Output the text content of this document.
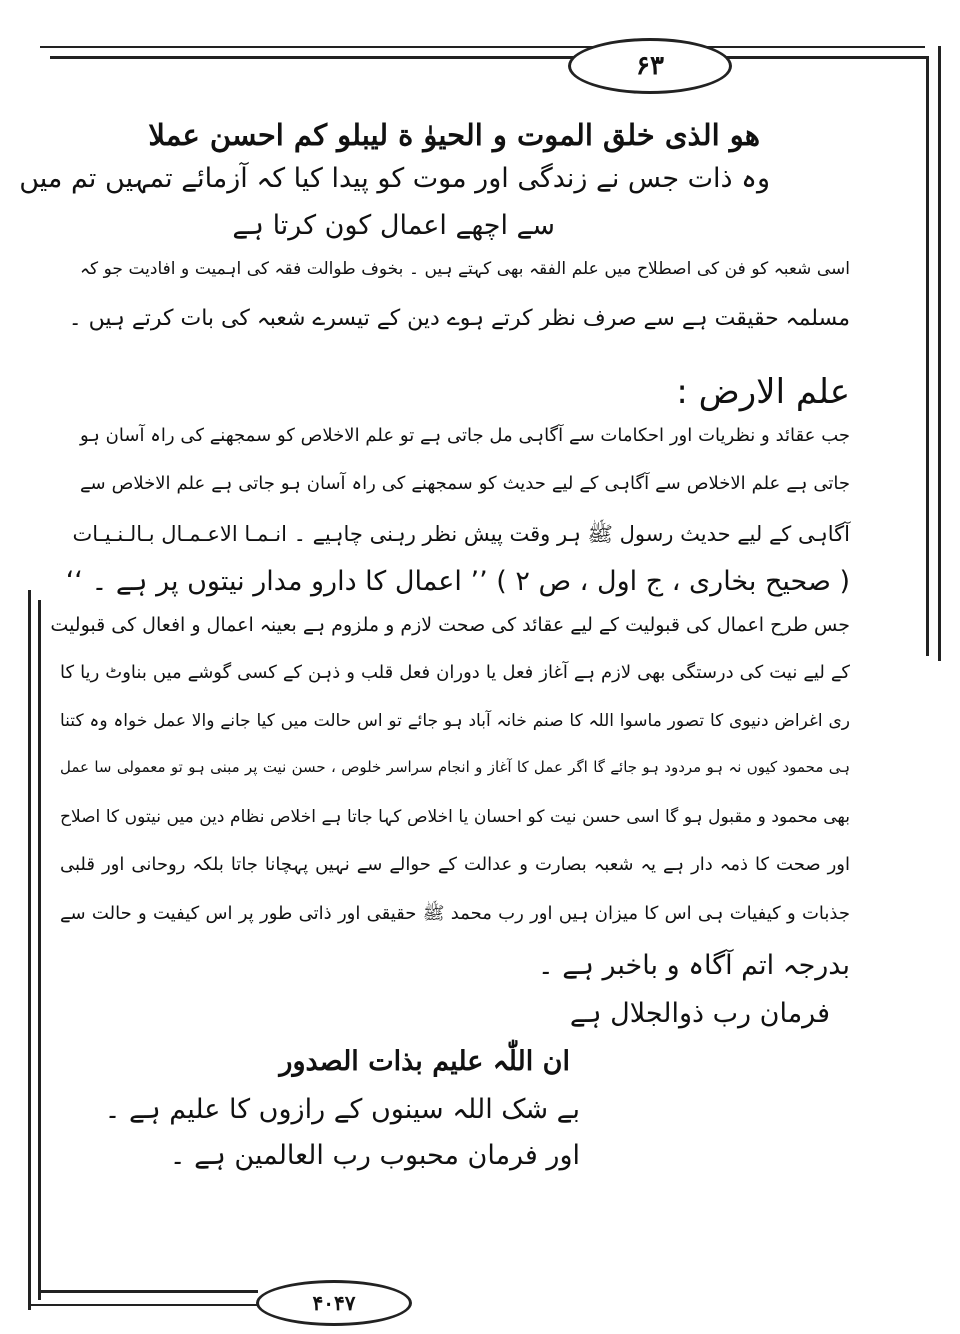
۶۳
۴۰۴۷
هو الذی خلق الموت و الحیوٰ ة لیبلو کم احسن عملا
وہ ذات جس نے زندگی اور موت کو پیدا کیا کہ آزمائے تمہیں تم میں
سے اچھے اعمال کون کرتا ہے
اسی شعبہ کو فن کی اصطلاح میں علم الفقہ بھی کہتے ہیں ۔ بخوف طوالت فقہ کی اہمیت و افادیت جو کہ
مسلمہ حقیقت ہے سے صرف نظر کرتے ہوے دین کے تیسرے شعبہ کی بات کرتے ہیں ۔
علم الارض :
جب عقائد و نظریات اور احکامات سے آگاہی مل جاتی ہے تو علم الاخلاص کو سمجھنے کی راہ آسان ہو
جاتی ہے علم الاخلاص سے آگاہی کے لیے حدیث کو سمجھنے کی راہ آسان ہو جاتی ہے علم الاخلاص سے
آگاہی کے لیے حدیث رسول ﷺ ہر وقت پیش نظر رہنی چاہیے ۔ انـمـا الاعـمـال بـالـنـیـات
( صحیح بخاری ، ج اول ، ص ۲ ) ’’ اعمال کا دارو مدار نیتوں پر ہے ۔ ‘‘
جس طرح اعمال کی قبولیت کے لیے عقائد کی صحت لازم و ملزوم ہے بعینہ اعمال و افعال کی قبولیت
کے لیے نیت کی درستگی بھی لازم ہے آغاز فعل یا دوران فعل قلب و ذہن کے کسی گوشے میں بناوٹ ریا کا
ری اغراض دنیوی کا تصور ماسوا اللہ کا صنم خانہ آباد ہو جائے تو اس حالت میں کیا جانے والا عمل خواہ وہ کتنا
ہی محمود کیوں نہ ہو مردود ہو جائے گا اگر عمل کا آغاز و انجام سراسر خلوص ، حسن نیت پر مبنی ہو تو معمولی سا عمل
بھی محمود و مقبول ہو گا اسی حسن نیت کو احسان یا اخلاص کہا جاتا ہے اخلاص نظام دین میں نیتوں کا اصلاح
اور صحت کا ذمہ دار ہے یہ شعبہ بصارت و عدالت کے حوالے سے نہیں پہچانا جاتا بلکہ روحانی اور قلبی
جذبات و کیفیات ہی اس کا میزان ہیں اور رب محمد ﷺ حقیقی اور ذاتی طور پر اس کیفیت و حالت سے
بدرجہ اتم آگاہ و باخبر ہے ۔
فرمان رب ذوالجلال ہے
ان اللّٰہ علیم بذات الصدور
بے شک اللہ سینوں کے رازوں کا علیم ہے ۔
اور فرمان محبوب رب العالمین ہے ۔
